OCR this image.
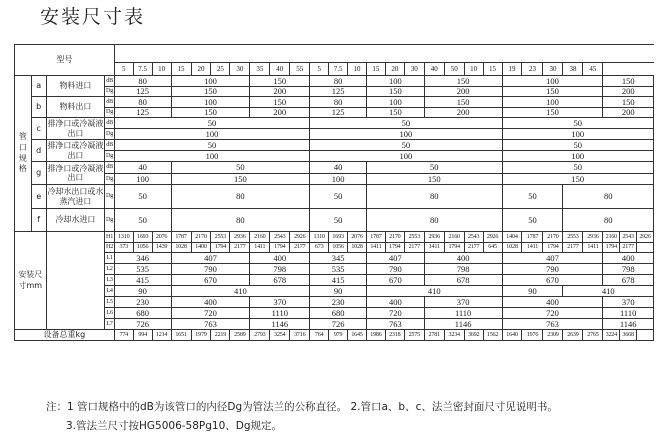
安装尺寸表
型号																															
				5	7.5	10	15	20	25	30	35	40	55	5	7.5	10	15	20	30	40	50	10	15	19	23	30	38	45			
管口规格	a	物料进口	dB	80			100				150			80			100			150				100					150		
			Dg	125			150				200			125			150			200				150					200		
	b	物料出口	dB	80			100				150			80			100			150				100					150		
			Dg	125			150				200			125			150			200				150					200		
	c	排净口或冷凝液出口	dB	50										50										50							
			Dg	100										100										100							
	d	排净口或冷凝液出口	dB	50										50										50							
			Dg	100										100										100							
	g	排净口或冷凝液出口	dB	40			50							40			50							50							
			Dg	100			150							100			150							150							
	e	冷却水出口或水蒸汽进口	Dg	50			80							50			80							50			80				
	f	冷却水进口	Dg	50			80							50			80							50			80				
安装尺寸mm			H1	1310	1693	2076	1787	2170	2553	2936	2160	2543	2926	1310	1693	2076	1787	2170	2553	2936	2160	2543	2926	1404	1787	2170	2553	2936	2160	2543	2926
			H2	373	1056	1439	1028	1400	1794	2177	1411	1794	2177	673	1056	1028	1411	1794	2177	1411	1794	2177	645	1028	1411	1794	2177	1411	1794	2177	
			L1	346			407				400			345			407			400				407					400		
			L2	535			790				798			535			790			798				790					798		
			L3	415			670				678			415			670			678				670					678		
			L4	90			410							90			410							90			410				
			L5	230			400				370			230			400			370				400					370		
			L6	680			720				1110			680			720			1110				720					1110		
			L7	726			763				1146			726			763			1146				763					1146		
设备总重kg				774	994	1214	1651	1979	2219	2589	2793	3254	3716	764	979	1645	1986	2318	2575	2781	3234	3692	1562	1640	1976	2309	2639	2765	3224	3668	
注：1 管口规格中的dB为该管口的内径Dg为管法兰的公称直径。 2.管口a、b、c、法兰密封面尺寸见说明书。
3.管法兰尺寸按HG5006-58Pg10、Dg规定。
